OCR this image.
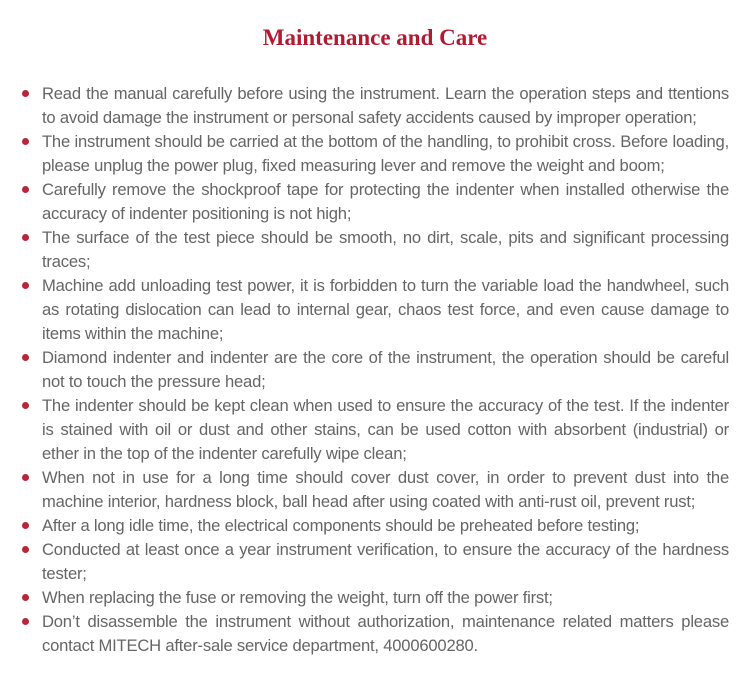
Maintenance and Care
Read the manual carefully before using the instrument. Learn the operation steps and ttentions to avoid damage the instrument or personal safety accidents caused by improper operation;
The instrument should be carried at the bottom of the handling, to prohibit cross. Before loading, please unplug the power plug, fixed measuring lever and remove the weight and boom;
Carefully remove the shockproof tape for protecting the indenter when installed otherwise the accuracy of indenter positioning is not high;
The surface of the test piece should be smooth, no dirt, scale, pits and significant processing traces;
Machine add unloading test power, it is forbidden to turn the variable load the handwheel, such as rotating dislocation can lead to internal gear, chaos test force, and even cause damage to items within the machine;
Diamond indenter and indenter are the core of the instrument, the operation should be careful not to touch the pressure head;
The indenter should be kept clean when used to ensure the accuracy of the test. If the indenter is stained with oil or dust and other stains, can be used cotton with absorbent (industrial) or ether in the top of the indenter carefully wipe clean;
When not in use for a long time should cover dust cover, in order to prevent dust into the machine interior, hardness block, ball head after using coated with anti-rust oil, prevent rust;
After a long idle time, the electrical components should be preheated before testing;
Conducted at least once a year instrument verification, to ensure the accuracy of the hardness tester;
When replacing the fuse or removing the weight, turn off the power first;
Don’t disassemble the instrument without authorization, maintenance related matters please contact MITECH after-sale service department, 4000600280.
